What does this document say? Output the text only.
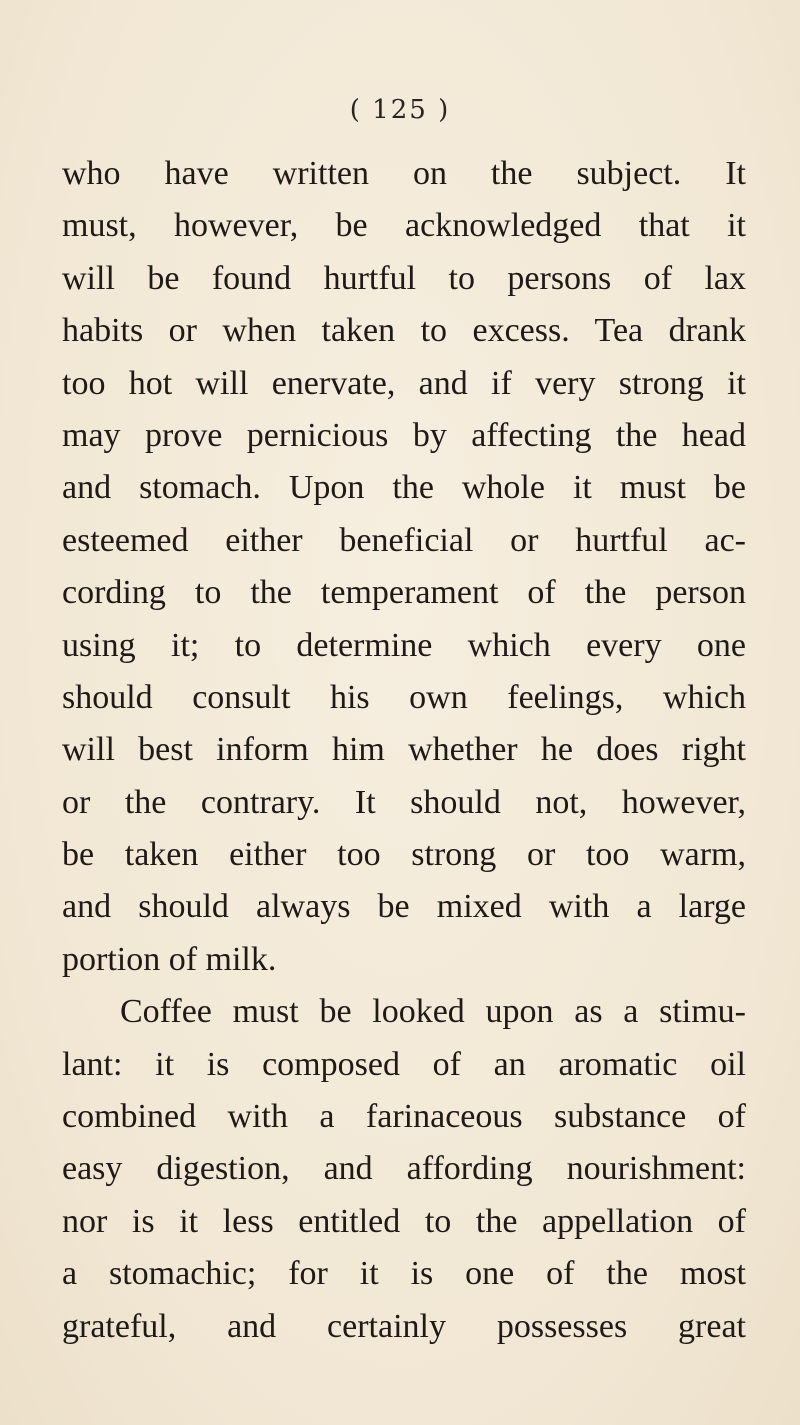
( 125 )
who have written on the subject. It
must, however, be acknowledged that it
will be found hurtful to persons of lax
habits or when taken to excess. Tea drank
too hot will enervate, and if very strong it
may prove pernicious by affecting the head
and stomach. Upon the whole it must be
esteemed either beneficial or hurtful ac-
cording to the temperament of the person
using it; to determine which every one
should consult his own feelings, which
will best inform him whether he does right
or the contrary. It should not, however,
be taken either too strong or too warm,
and should always be mixed with a large
portion of milk.
Coffee must be looked upon as a stimu-
lant: it is composed of an aromatic oil
combined with a farinaceous substance of
easy digestion, and affording nourishment:
nor is it less entitled to the appellation of
a stomachic; for it is one of the most
grateful, and certainly possesses great
